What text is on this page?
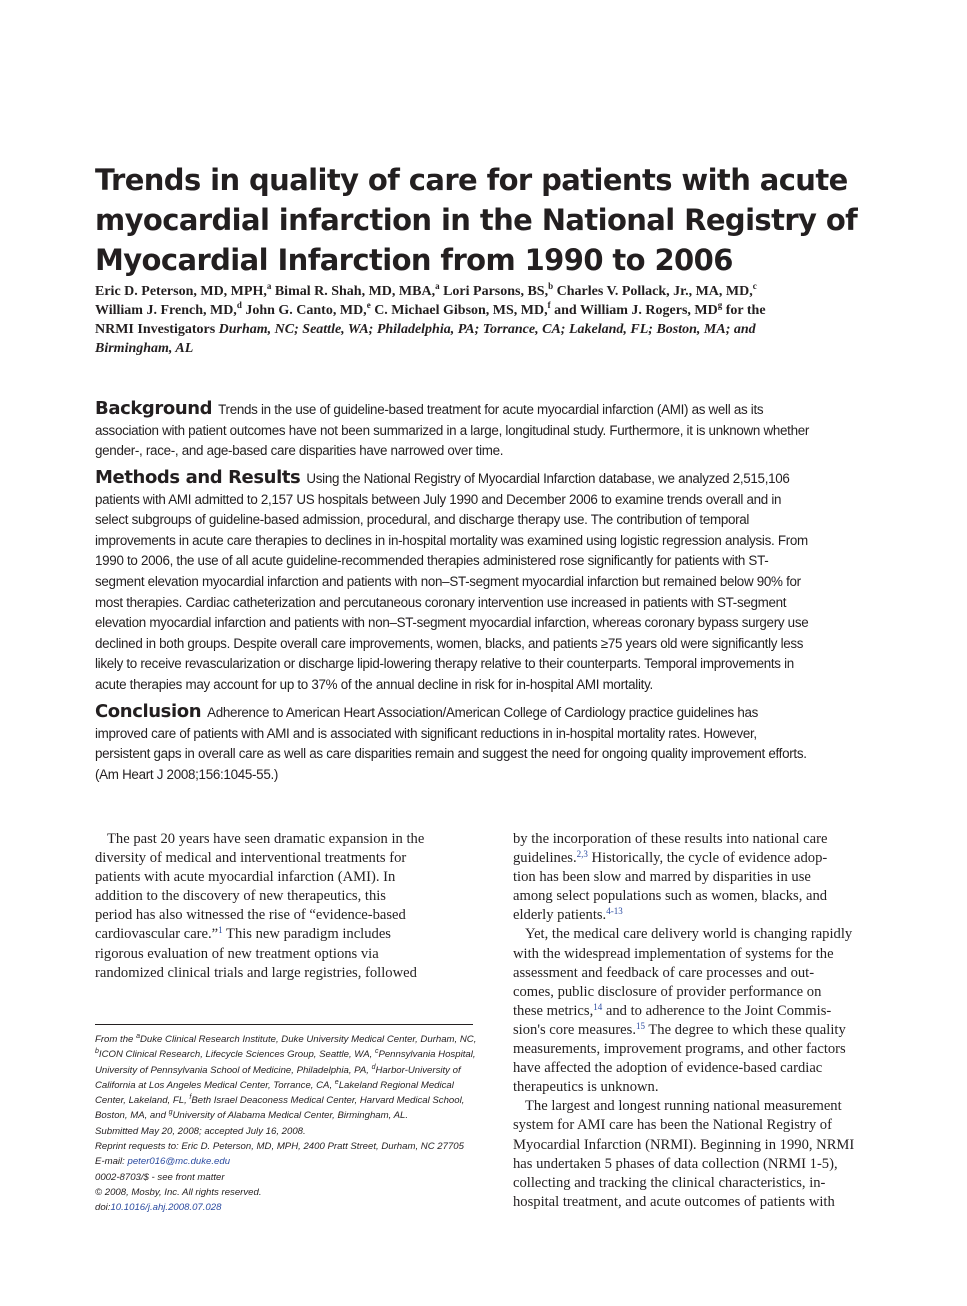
Trends in quality of care for patients with acute
myocardial infarction in the National Registry of
Myocardial Infarction from 1990 to 2006
Eric D. Peterson, MD, MPH,$^a$ Bimal R. Shah, MD, MBA,$^a$ Lori Parsons, BS,$^b$ Charles V. Pollack, Jr., MA, MD,$^c$
William J. French, MD,$^d$ John G. Canto, MD,$^e$ C. Michael Gibson, MS, MD,$^f$ and William J. Rogers, $MD^g$ for the
NRMI Investigators Durham, NC; Seattle, WA; Philadelphia, PA; Torrance, CA; Lakeland, FL; Boston, MA; and
Birmingham, AL
Background Trends in the use of guideline-based treatment for acute myocardial infarction (AMI) as well as its
association with patient outcomes have not been summarized in a large, longitudinal study. Furthermore, it is unknown whether
gender-, race-, and age-based care disparities have narrowed over time.
Methods and Results Using the National Registry of Myocardial Infarction database, we analyzed 2,515,106
patients with AMI admitted to 2,157 US hospitals between July 1990 and December 2006 to examine trends overall and in
select subgroups of guideline-based admission, procedural, and discharge therapy use. The contribution of temporal
improvements in acute care therapies to declines in in-hospital mortality was examined using logistic regression analysis. From
1990 to 2006, the use of all acute guideline-recommended therapies administered rose significantly for patients with ST-
segment elevation myocardial infarction and patients with non–ST-segment myocardial infarction but remained below 90% for
most therapies. Cardiac catheterization and percutaneous coronary intervention use increased in patients with ST-segment
elevation myocardial infarction and patients with non–ST-segment myocardial infarction, whereas coronary bypass surgery use
declined in both groups. Despite overall care improvements, women, blacks, and patients ≥75 years old were significantly less
likely to receive revascularization or discharge lipid-lowering therapy relative to their counterparts. Temporal improvements in
acute therapies may account for up to 37% of the annual decline in risk for in-hospital AMI mortality.
Conclusion Adherence to American Heart Association/American College of Cardiology practice guidelines has
improved care of patients with AMI and is associated with significant reductions in in-hospital mortality rates. However,
persistent gaps in overall care as well as care disparities remain and suggest the need for ongoing quality improvement efforts.
(Am Heart J 2008;156:1045-55.)
The past 20 years have seen dramatic expansion in the
diversity of medical and interventional treatments for
patients with acute myocardial infarction (AMI). In
addition to the discovery of new therapeutics, this
period has also witnessed the rise of “evidence-based
cardiovascular care.”$^1$ This new paradigm includes
rigorous evaluation of new treatment options via
randomized clinical trials and large registries, followed
From the $^a$Duke Clinical Research Institute, Duke University Medical Center, Durham, NC,
$^b$ICON Clinical Research, Lifecycle Sciences Group, Seattle, WA, $^c$Pennsylvania Hospital,
University of Pennsylvania School of Medicine, Philadelphia, PA, $^d$Harbor-University of
California at Los Angeles Medical Center, Torrance, CA, $^e$Lakeland Regional Medical
Center, Lakeland, FL, $^f$Beth Israel Deaconess Medical Center, Harvard Medical School,
Boston, MA, and $^g$University of Alabama Medical Center, Birmingham, AL.
Submitted May 20, 2008; accepted July 16, 2008.
Reprint requests to: Eric D. Peterson, MD, MPH, 2400 Pratt Street, Durham, NC 27705
E-mail: peter016@mc.duke.edu
0002-8703/$ - see front matter
© 2008, Mosby, Inc. All rights reserved.
doi:10.1016/j.ahj.2008.07.028
by the incorporation of these results into national care
guidelines.$^{2,3}$ Historically, the cycle of evidence adop-
tion has been slow and marred by disparities in use
among select populations such as women, blacks, and
elderly patients.$^{4-13}$
Yet, the medical care delivery world is changing rapidly
with the widespread implementation of systems for the
assessment and feedback of care processes and out-
comes, public disclosure of provider performance on
these metrics,$^{14}$ and to adherence to the Joint Commis-
sion's core measures.$^{15}$ The degree to which these quality
measurements, improvement programs, and other factors
have affected the adoption of evidence-based cardiac
therapeutics is unknown.
The largest and longest running national measurement
system for AMI care has been the National Registry of
Myocardial Infarction (NRMI). Beginning in 1990, NRMI
has undertaken 5 phases of data collection (NRMI 1-5),
collecting and tracking the clinical characteristics, in-
hospital treatment, and acute outcomes of patients with
